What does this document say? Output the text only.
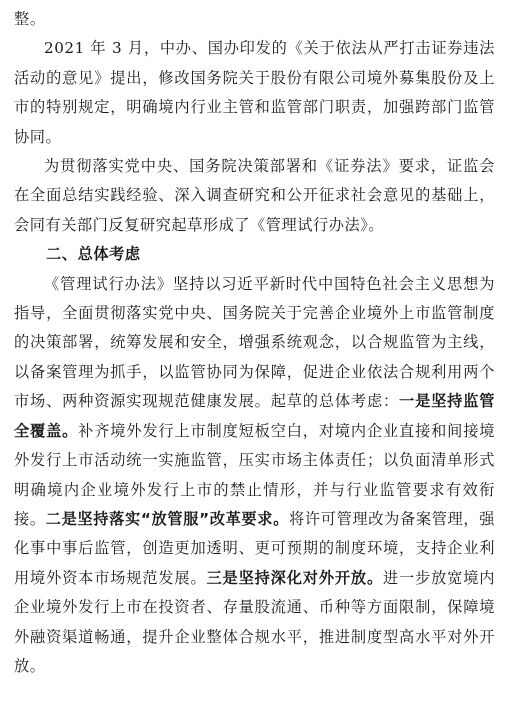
整。

2021 年 3 月，中办、国办印发的《关于依法从严打击证券违法活动的意见》提出，修改国务院关于股份有限公司境外募集股份及上市的特别规定，明确境内行业主管和监管部门职责，加强跨部门监管协同。

为贯彻落实党中央、国务院决策部署和《证券法》要求，证监会在全面总结实践经验、深入调查研究和公开征求社会意见的基础上，会同有关部门反复研究起草形成了《管理试行办法》。

二、总体考虑

《管理试行办法》坚持以习近平新时代中国特色社会主义思想为指导，全面贯彻落实党中央、国务院关于完善企业境外上市监管制度的决策部署，统筹发展和安全，增强系统观念，以合规监管为主线，以备案管理为抓手，以监管协同为保障，促进企业依法合规利用两个市场、两种资源实现规范健康发展。起草的总体考虑：一是坚持监管全覆盖。补齐境外发行上市制度短板空白，对境内企业直接和间接境外发行上市活动统一实施监管，压实市场主体责任；以负面清单形式明确境内企业境外发行上市的禁止情形，并与行业监管要求有效衔接。二是坚持落实“放管服”改革要求。将许可管理改为备案管理，强化事中事后监管，创造更加透明、更可预期的制度环境，支持企业利用境外资本市场规范发展。三是坚持深化对外开放。进一步放宽境内企业境外发行上市在投资者、存量股流通、币种等方面限制，保障境外融资渠道畅通，提升企业整体合规水平，推进制度型高水平对外开放。
